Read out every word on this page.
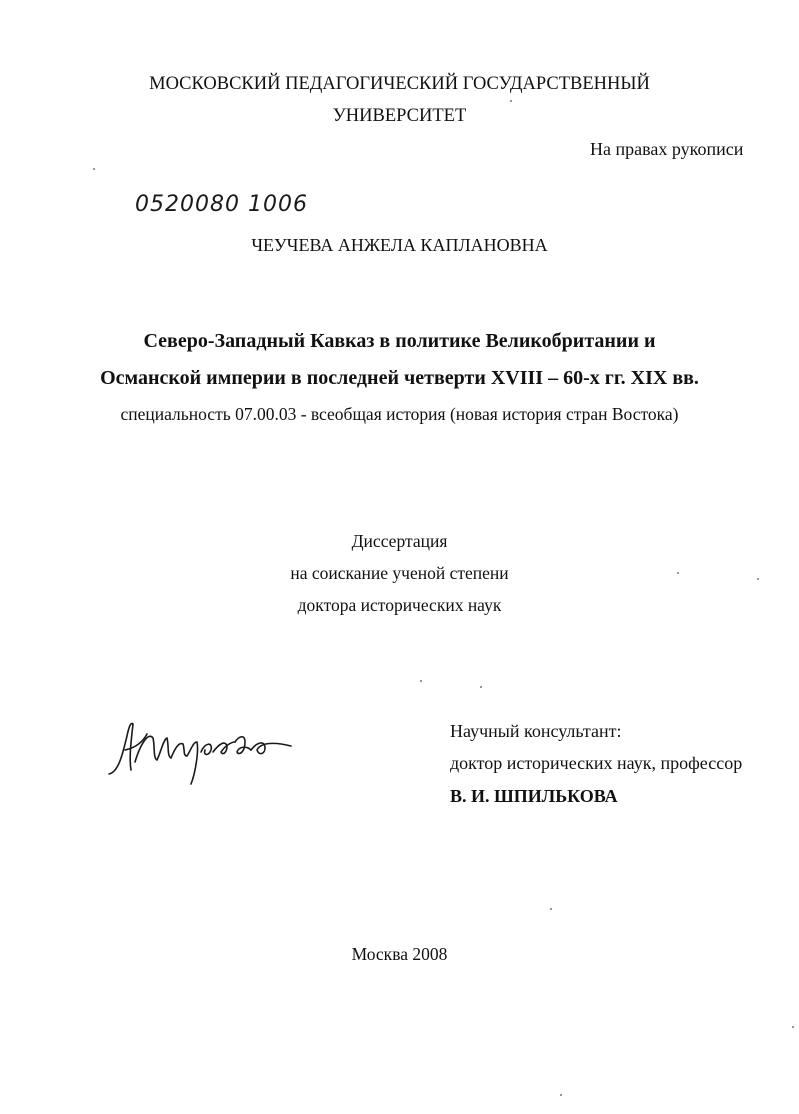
МОСКОВСКИЙ ПЕДАГОГИЧЕСКИЙ ГОСУДАРСТВЕННЫЙ
УНИВЕРСИТЕТ
На правах рукописи
0520080 1006
ЧЕУЧЕВА АНЖЕЛА КАПЛАНОВНА
Северо-Западный Кавказ в политике Великобритании и
Османской империи в последней четверти XVIII – 60-х гг. XIX вв.
специальность 07.00.03 - всеобщая история (новая история стран Востока)
Диссертация
на соискание ученой степени
доктора исторических наук
Научный консультант:
доктор исторических наук, профессор
В. И. ШПИЛЬКОВА
Москва 2008
